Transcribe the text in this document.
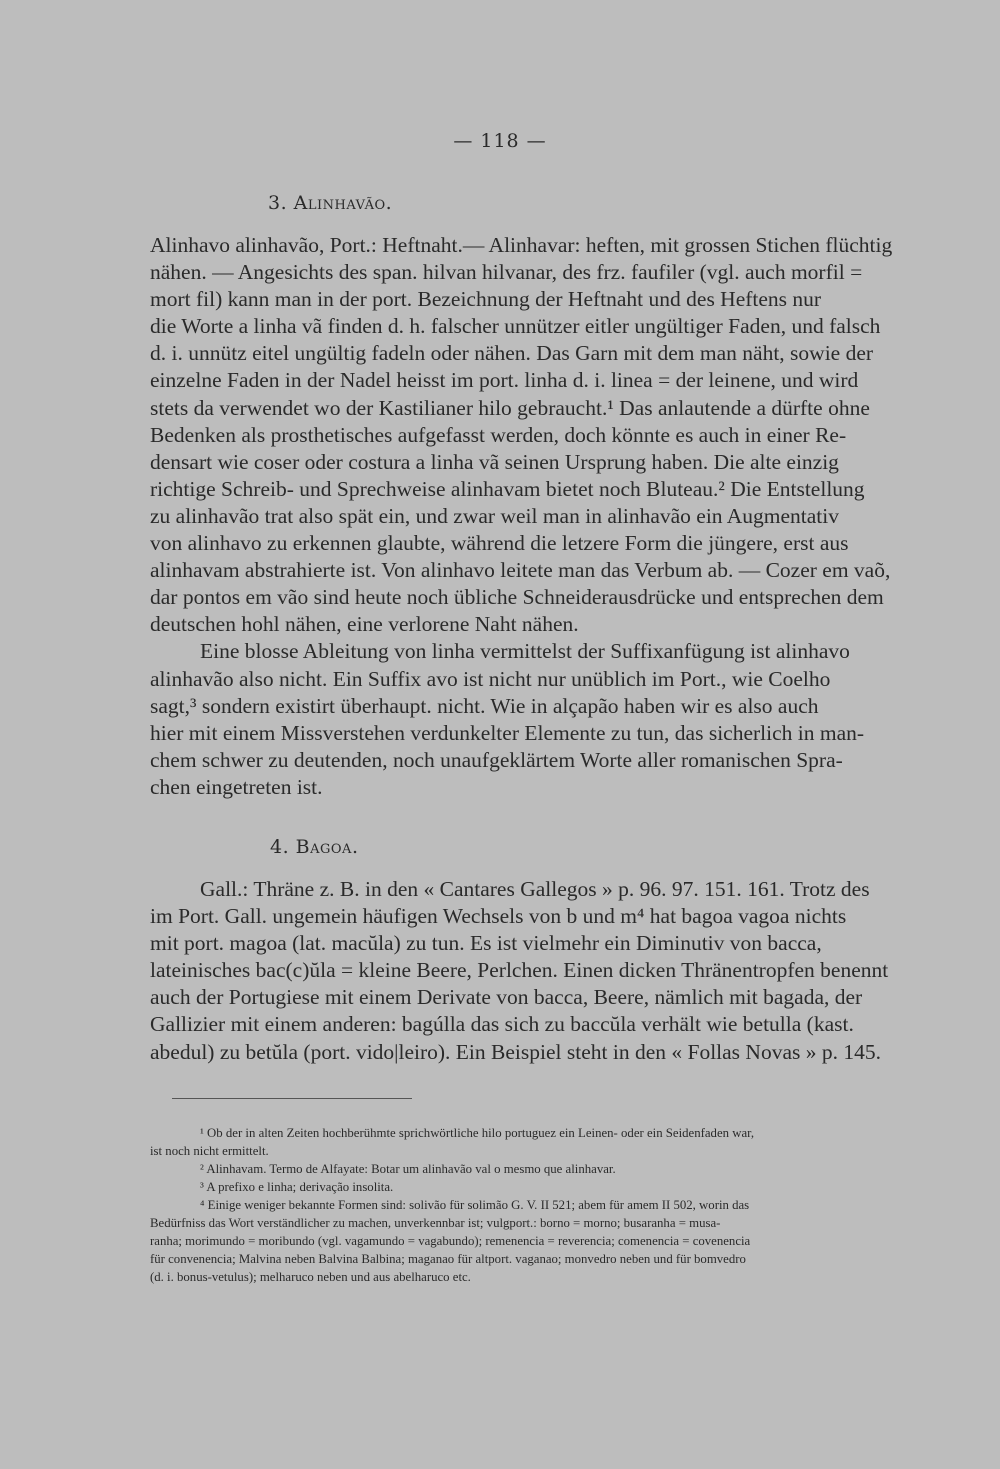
— 118 —
3. Alinhavão.
Alinhavo alinhavão, Port.: Heftnaht.— Alinhavar: heften, mit grossen Stichen flüchtig
nähen. — Angesichts des span. hilvan hilvanar, des frz. faufiler (vgl. auch morfil =
mort fil) kann man in der port. Bezeichnung der Heftnaht und des Heftens nur
die Worte a linha vã finden d. h. falscher unnützer eitler ungültiger Faden, und falsch
d. i. unnütz eitel ungültig fadeln oder nähen. Das Garn mit dem man näht, sowie der
einzelne Faden in der Nadel heisst im port. linha d. i. linea = der leinene, und wird
stets da verwendet wo der Kastilianer hilo gebraucht.¹ Das anlautende a dürfte ohne
Bedenken als prosthetisches aufgefasst werden, doch könnte es auch in einer Re-
densart wie coser oder costura a linha vã seinen Ursprung haben. Die alte einzig
richtige Schreib- und Sprechweise alinhavam bietet noch Bluteau.² Die Entstellung
zu alinhavão trat also spät ein, und zwar weil man in alinhavão ein Augmentativ
von alinhavo zu erkennen glaubte, während die letzere Form die jüngere, erst aus
alinhavam abstrahierte ist. Von alinhavo leitete man das Verbum ab. — Cozer em vaõ,
dar pontos em vão sind heute noch übliche Schneiderausdrücke und entsprechen dem
deutschen hohl nähen, eine verlorene Naht nähen.
Eine blosse Ableitung von linha vermittelst der Suffixanfügung ist alinhavo
alinhavão also nicht. Ein Suffix avo ist nicht nur unüblich im Port., wie Coelho
sagt,³ sondern existirt überhaupt. nicht. Wie in alçapão haben wir es also auch
hier mit einem Missverstehen verdunkelter Elemente zu tun, das sicherlich in man-
chem schwer zu deutenden, noch unaufgeklärtem Worte aller romanischen Spra-
chen eingetreten ist.
4. Bagoa.
Gall.: Thräne z. B. in den « Cantares Gallegos » p. 96. 97. 151. 161. Trotz des
im Port. Gall. ungemein häufigen Wechsels von b und m⁴ hat bagoa vagoa nichts
mit port. magoa (lat. macŭla) zu tun. Es ist vielmehr ein Diminutiv von bacca,
lateinisches bac(c)ŭla = kleine Beere, Perlchen. Einen dicken Thränentropfen benennt
auch der Portugiese mit einem Derivate von bacca, Beere, nämlich mit bagada, der
Gallizier mit einem anderen: bagúlla das sich zu baccŭla verhält wie betulla (kast.
abedul) zu betŭla (port. vido|leiro). Ein Beispiel steht in den « Follas Novas » p. 145.
¹ Ob der in alten Zeiten hochberühmte sprichwörtliche hilo portuguez ein Leinen- oder ein Seidenfaden war,
ist noch nicht ermittelt.
² Alinhavam. Termo de Alfayate: Botar um alinhavão val o mesmo que alinhavar.
³ A prefixo e linha; derivação insolita.
⁴ Einige weniger bekannte Formen sind: solivão für solimão G. V. II 521; abem für amem II 502, worin das
Bedürfniss das Wort verständlicher zu machen, unverkennbar ist; vulgport.: borno = morno; busaranha = musa-
ranha; morimundo = moribundo (vgl. vagamundo = vagabundo); remenencia = reverencia; comenencia = covenencia
für convenencia; Malvina neben Balvina Balbina; maganao für altport. vaganao; monvedro neben und für bomvedro
(d. i. bonus-vetulus); melharuco neben und aus abelharuco etc.
